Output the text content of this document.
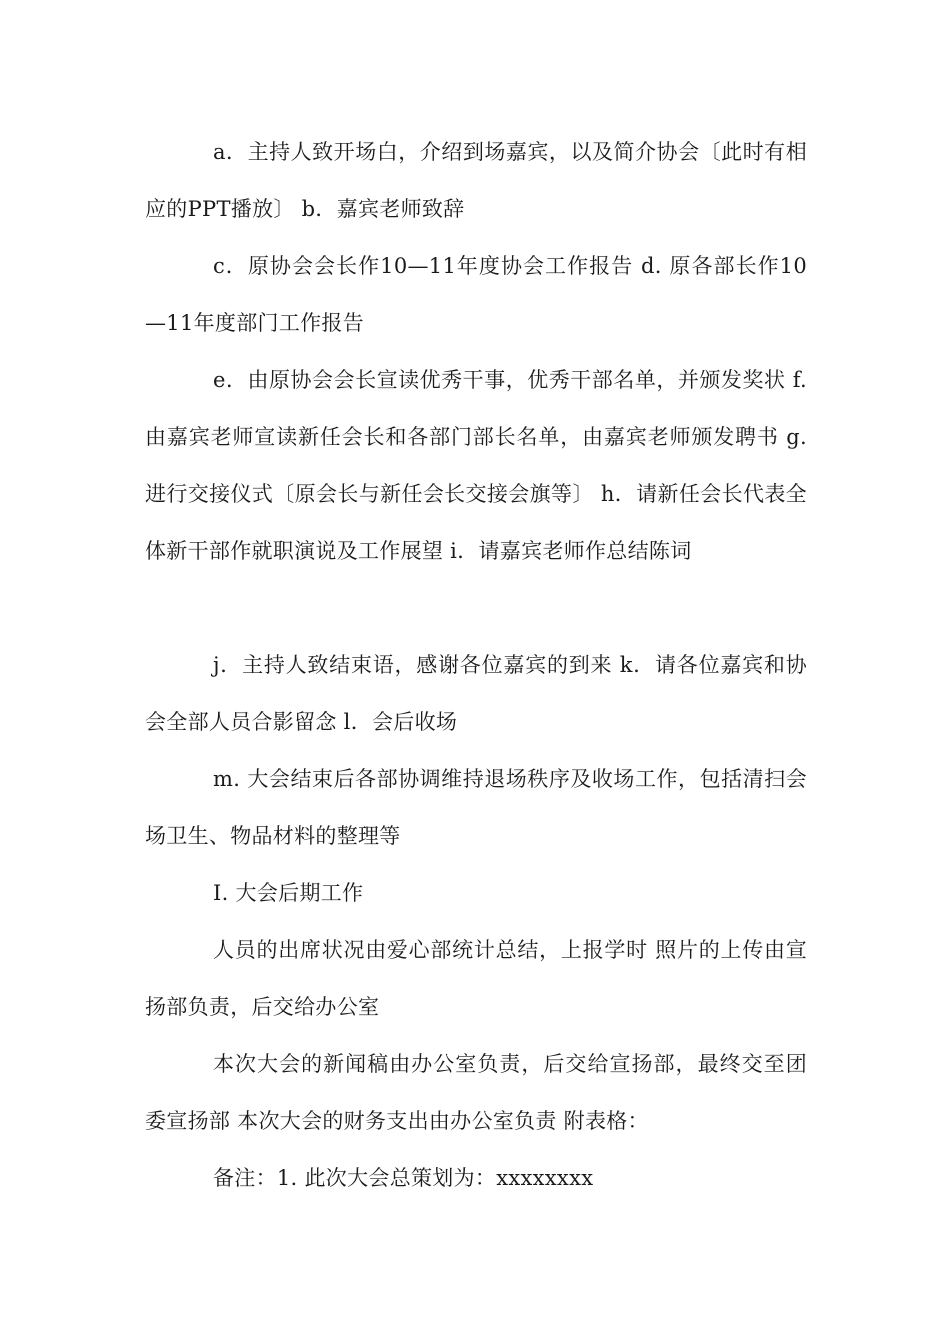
a．主持人致开场白，介绍到场嘉宾，以及简介协会〔此时有相应的PPT播放〕 b．嘉宾老师致辞

c．原协会会长作10—11年度协会工作报告 d. 原各部长作10—11年度部门工作报告

e．由原协会会长宣读优秀干事，优秀干部名单，并颁发奖状 f. 由嘉宾老师宣读新任会长和各部门部长名单，由嘉宾老师颁发聘书 g. 进行交接仪式〔原会长与新任会长交接会旗等〕 h．请新任会长代表全体新干部作就职演说及工作展望 i．请嘉宾老师作总结陈词

j．主持人致结束语，感谢各位嘉宾的到来 k．请各位嘉宾和协会全部人员合影留念 l．会后收场

m. 大会结束后各部协调维持退场秩序及收场工作，包括清扫会场卫生、物品材料的整理等

I. 大会后期工作

人员的出席状况由爱心部统计总结，上报学时 照片的上传由宣扬部负责，后交给办公室

本次大会的新闻稿由办公室负责，后交给宣扬部，最终交至团委宣扬部 本次大会的财务支出由办公室负责 附表格：

备注：1. 此次大会总策划为：xxxxxxxx
